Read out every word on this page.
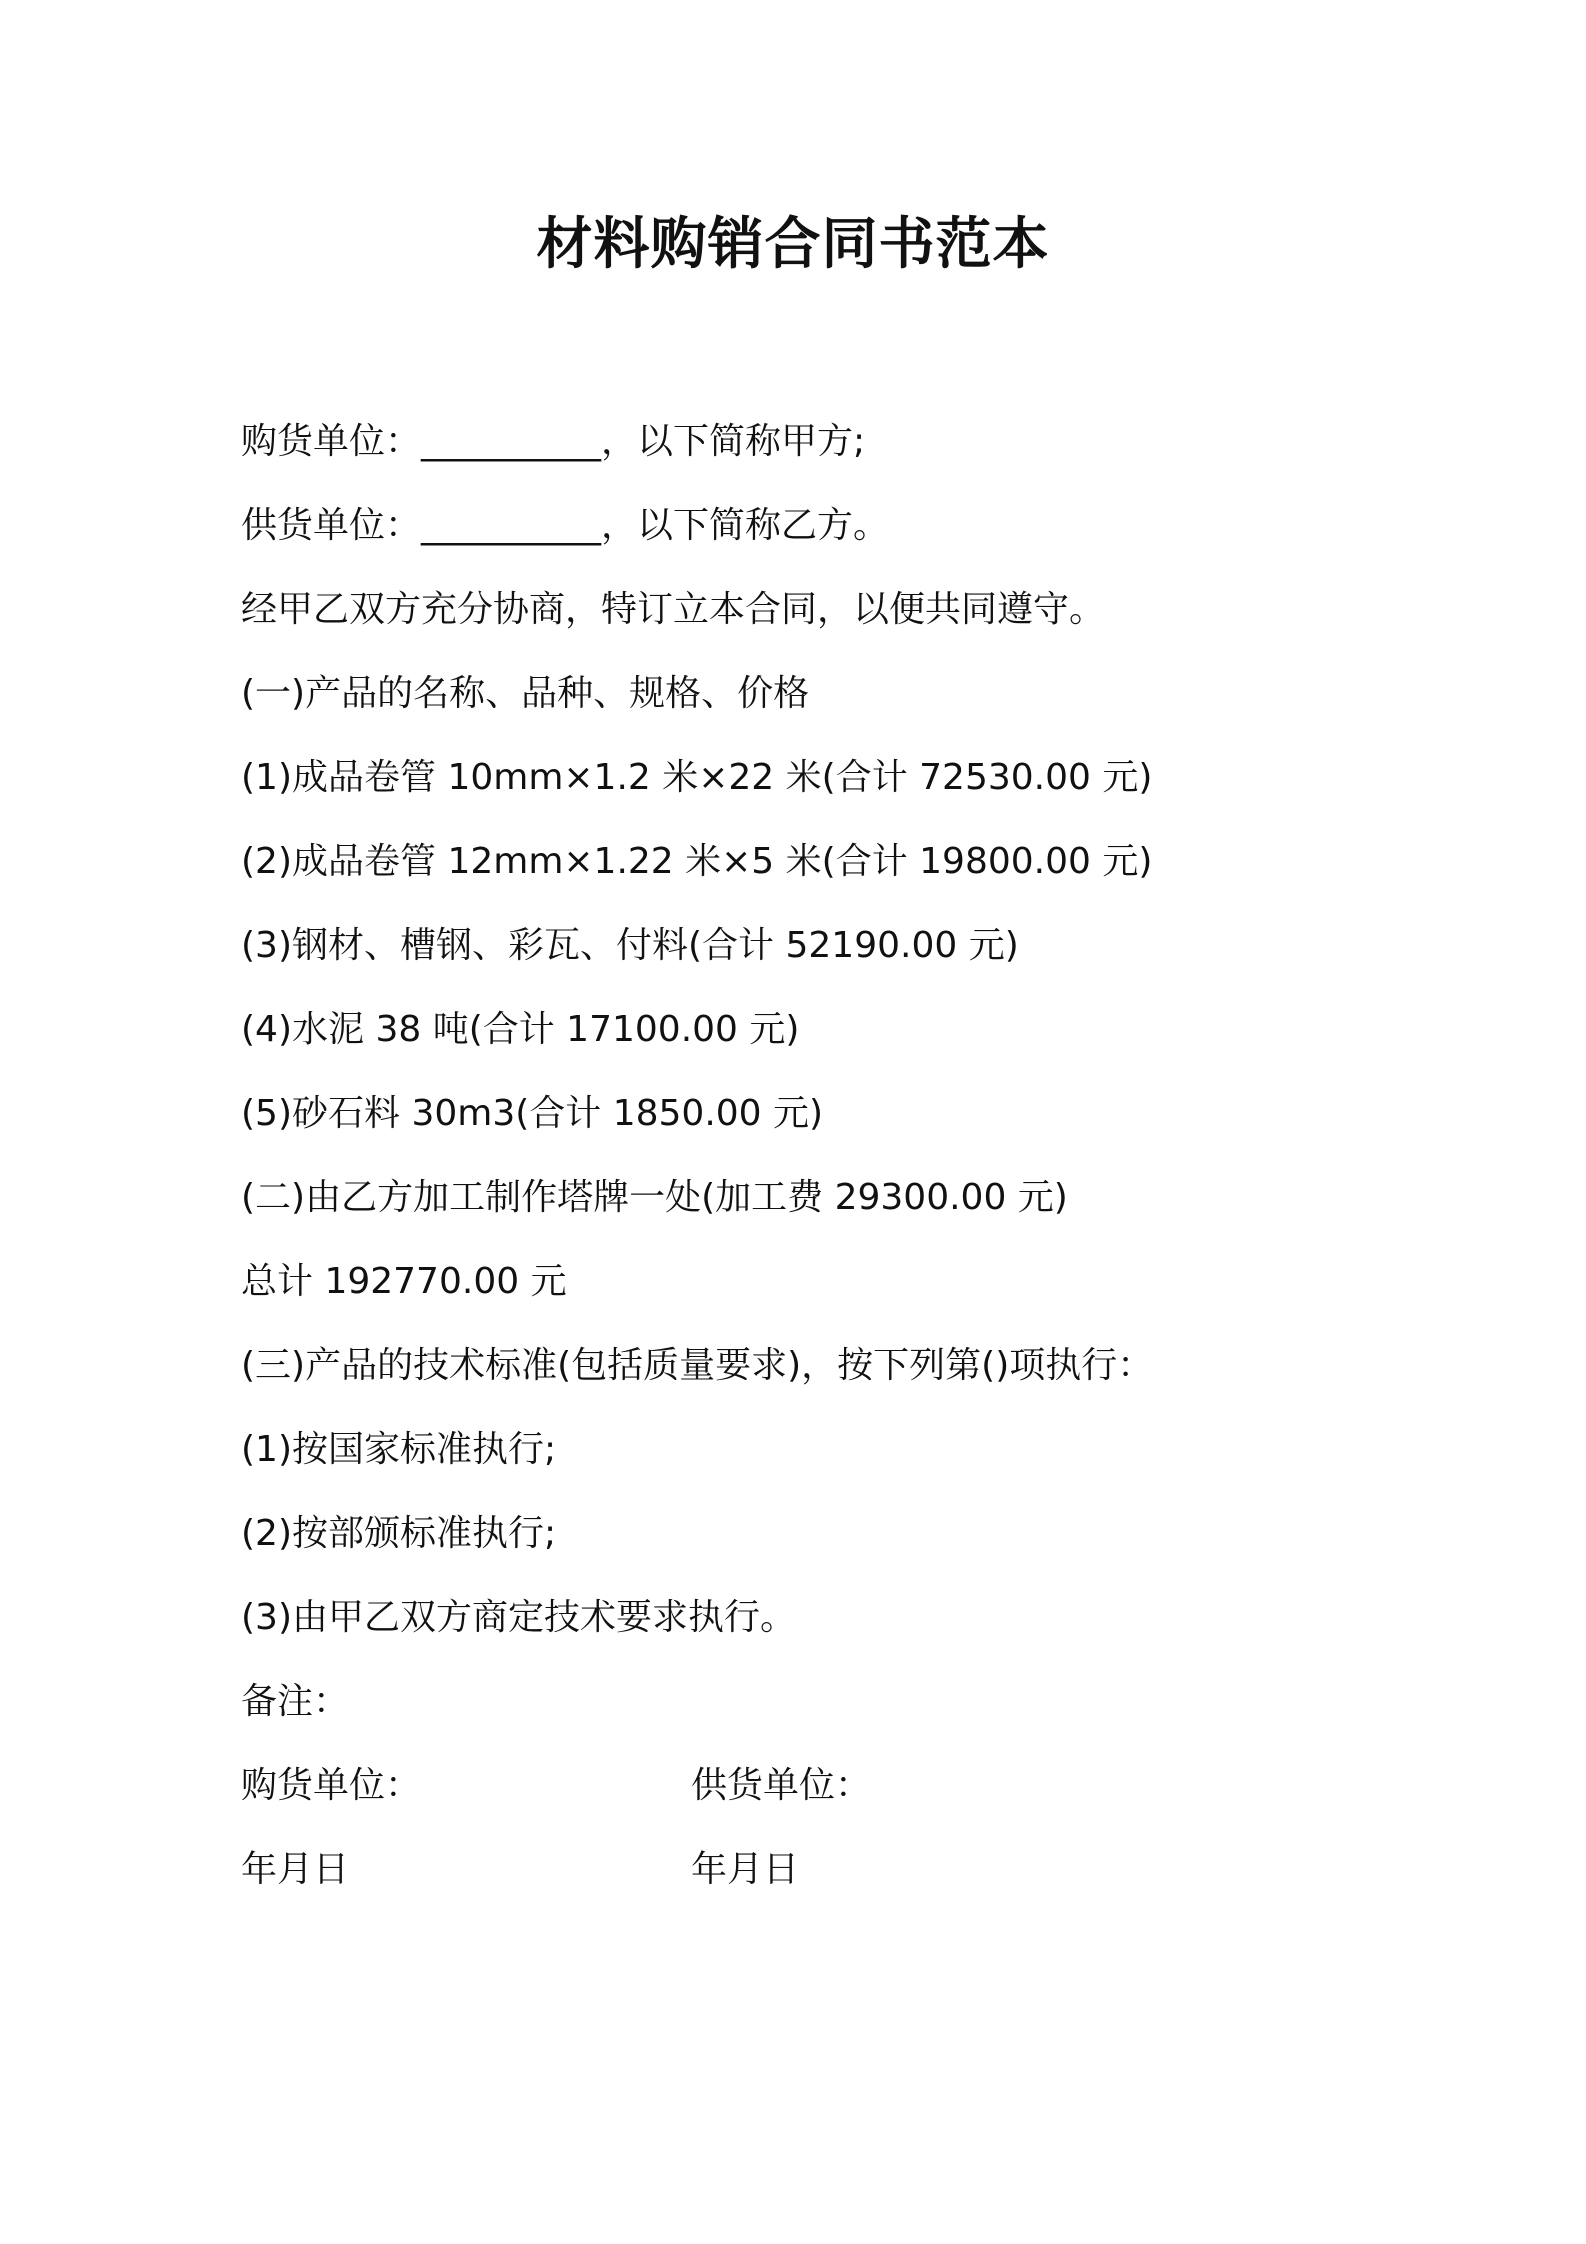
材料购销合同书范本
购货单位：__________，以下简称甲方;
供货单位：__________，以下简称乙方。
经甲乙双方充分协商，特订立本合同，以便共同遵守。
(一)产品的名称、品种、规格、价格
(1)成品卷管 10mm×1.2 米×22 米(合计 72530.00 元)
(2)成品卷管 12mm×1.22 米×5 米(合计 19800.00 元)
(3)钢材、槽钢、彩瓦、付料(合计 52190.00 元)
(4)水泥 38 吨(合计 17100.00 元)
(5)砂石料 30m3(合计 1850.00 元)
(二)由乙方加工制作塔牌一处(加工费 29300.00 元)
总计 192770.00 元
(三)产品的技术标准(包括质量要求)，按下列第()项执行：
(1)按国家标准执行;
(2)按部颁标准执行;
(3)由甲乙双方商定技术要求执行。
备注：
购货单位：	供货单位：
年月日	年月日
